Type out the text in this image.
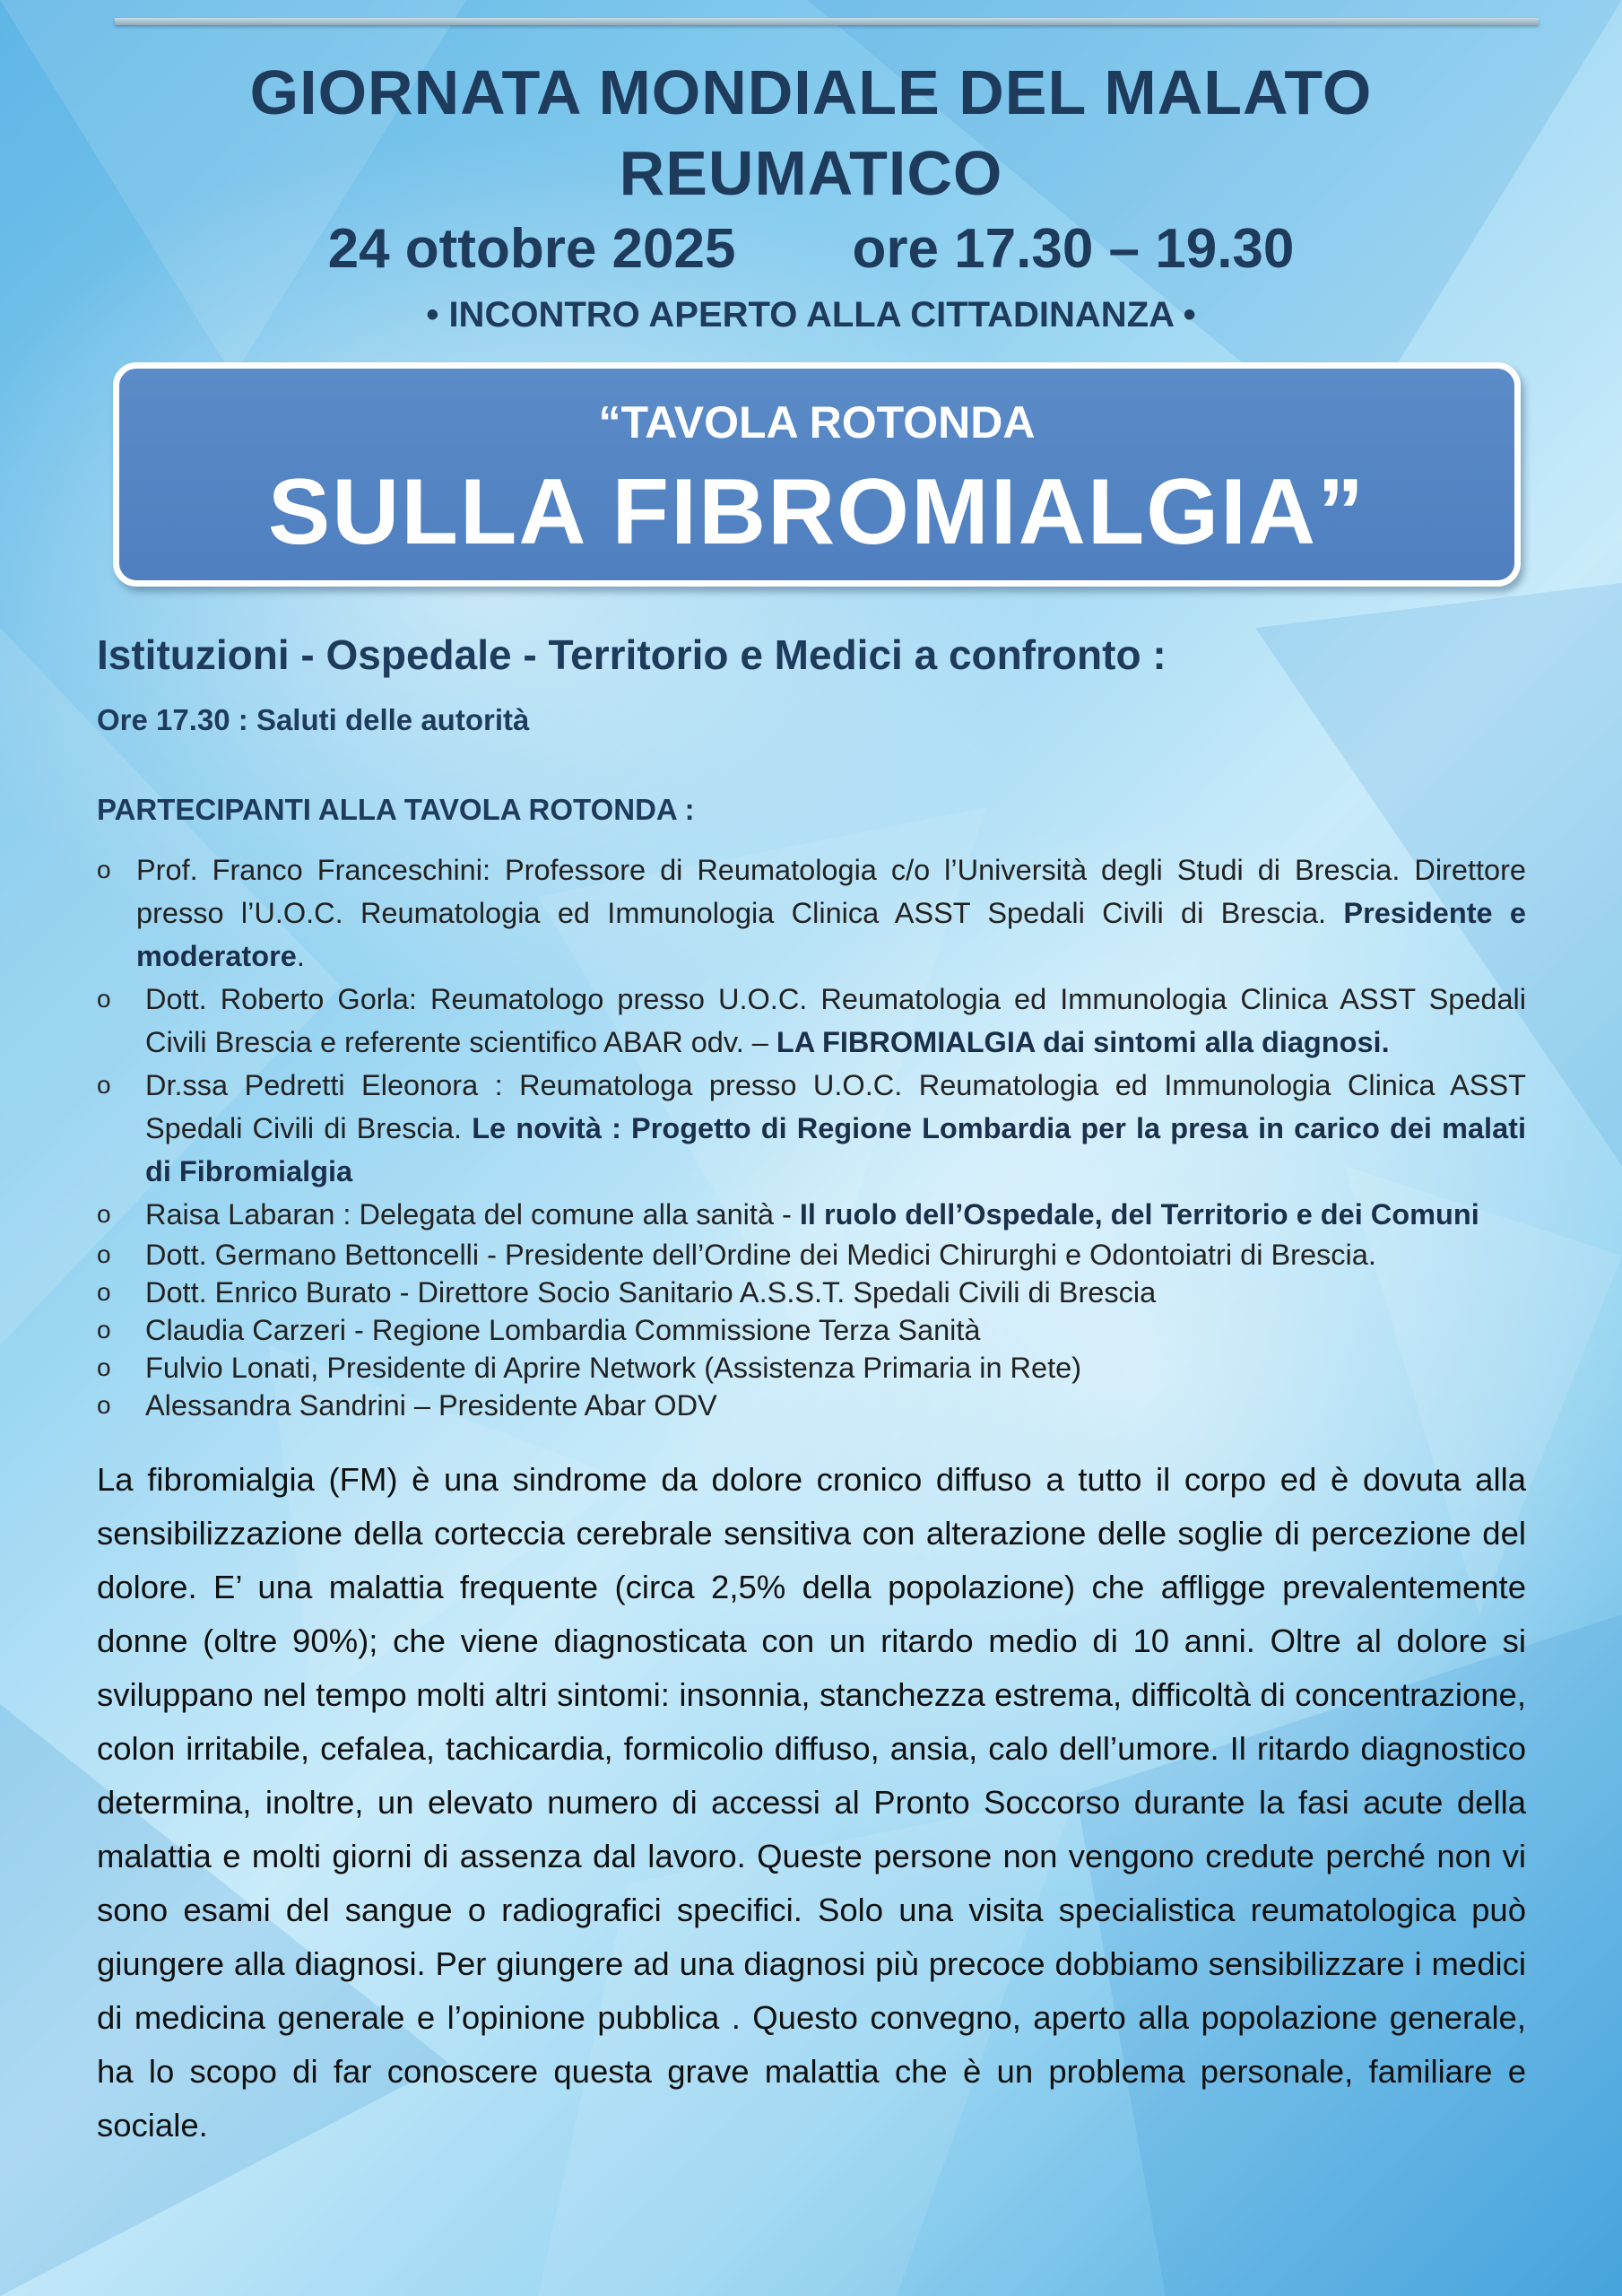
GIORNATA MONDIALE DEL MALATO
REUMATICO
24 ottobre 2025 ore 17.30 – 19.30
• INCONTRO APERTO ALLA CITTADINANZA •
“TAVOLA ROTONDA
SULLA FIBROMIALGIA”
Istituzioni - Ospedale - Territorio e Medici a confronto :
Ore 17.30 : Saluti delle autorità
PARTECIPANTI ALLA TAVOLA ROTONDA :
o Prof. Franco Franceschini: Professore di Reumatologia c/o l’Università degli Studi di Brescia. Direttore presso l’U.O.C. Reumatologia ed Immunologia Clinica ASST Spedali Civili di Brescia. Presidente e moderatore.
o Dott. Roberto Gorla: Reumatologo presso U.O.C. Reumatologia ed Immunologia Clinica ASST Spedali Civili Brescia e referente scientifico ABAR odv. – LA FIBROMIALGIA dai sintomi alla diagnosi.
o Dr.ssa Pedretti Eleonora : Reumatologa presso U.O.C. Reumatologia ed Immunologia Clinica ASST Spedali Civili di Brescia. Le novità : Progetto di Regione Lombardia per la presa in carico dei malati di Fibromialgia
o Raisa Labaran : Delegata del comune alla sanità - Il ruolo dell’Ospedale, del Territorio e dei Comuni
o Dott. Germano Bettoncelli - Presidente dell’Ordine dei Medici Chirurghi e Odontoiatri di Brescia.
o Dott. Enrico Burato - Direttore Socio Sanitario A.S.S.T. Spedali Civili di Brescia
o Claudia Carzeri - Regione Lombardia Commissione Terza Sanità
o Fulvio Lonati, Presidente di Aprire Network (Assistenza Primaria in Rete)
o Alessandra Sandrini – Presidente Abar ODV

La fibromialgia (FM) è una sindrome da dolore cronico diffuso a tutto il corpo ed è dovuta alla sensibilizzazione della corteccia cerebrale sensitiva con alterazione delle soglie di percezione del dolore. E’ una malattia frequente (circa 2,5% della popolazione) che affligge prevalentemente donne (oltre 90%); che viene diagnosticata con un ritardo medio di 10 anni. Oltre al dolore si sviluppano nel tempo molti altri sintomi: insonnia, stanchezza estrema, difficoltà di concentrazione, colon irritabile, cefalea, tachicardia, formicolio diffuso, ansia, calo dell’umore. Il ritardo diagnostico determina, inoltre, un elevato numero di accessi al Pronto Soccorso durante la fasi acute della malattia e molti giorni di assenza dal lavoro. Queste persone non vengono credute perché non vi sono esami del sangue o radiografici specifici. Solo una visita specialistica reumatologica può giungere alla diagnosi. Per giungere ad una diagnosi più precoce dobbiamo sensibilizzare i medici di medicina generale e l’opinione pubblica . Questo convegno, aperto alla popolazione generale, ha lo scopo di far conoscere questa grave malattia che è un problema personale, familiare e sociale.
